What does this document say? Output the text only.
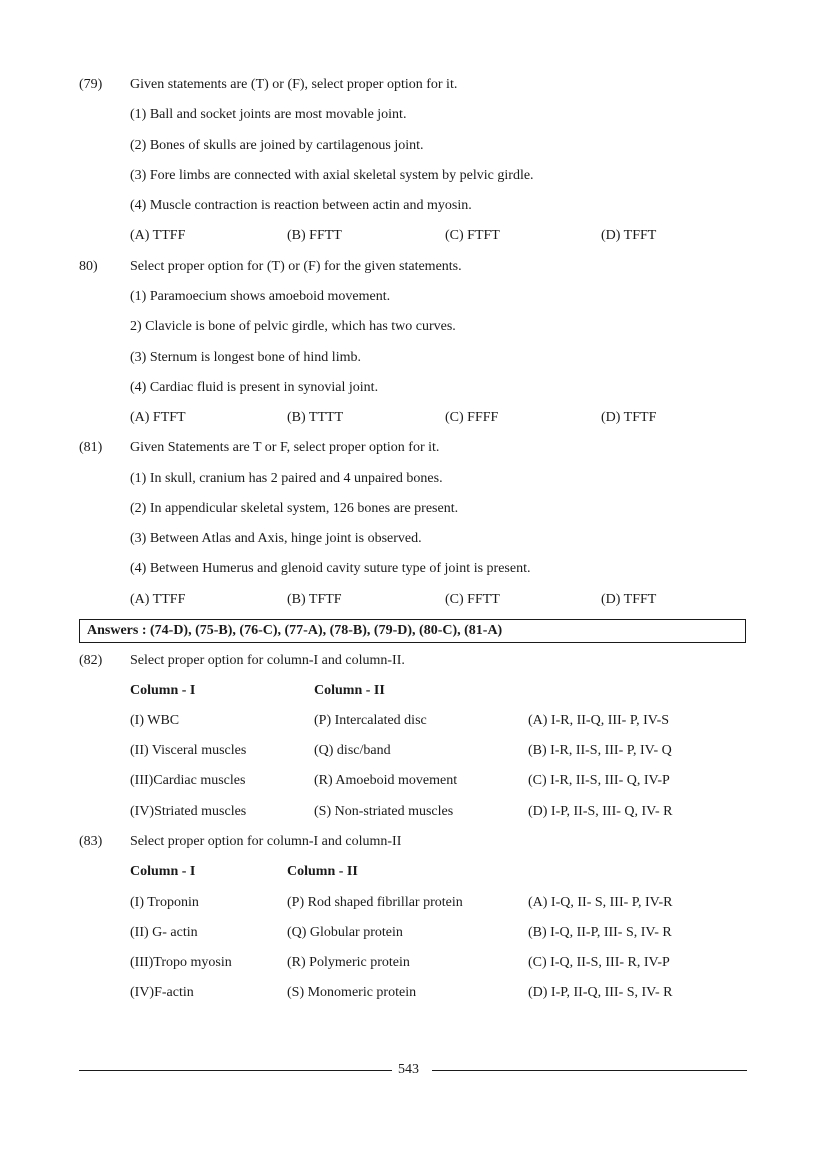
(79) Given statements are (T) or (F), select proper option for it.
(1) Ball and socket joints are most movable joint.
(2) Bones of skulls are joined by cartilagenous joint.
(3) Fore limbs are connected with axial skeletal system by pelvic girdle.
(4) Muscle contraction is reaction between actin and myosin.
(A) TTFF	(B) FFTT	(C) FTFT	(D) TFFT
80) Select proper option for (T) or (F) for the given statements.
(1) Paramoecium shows amoeboid movement.
2) Clavicle is bone of pelvic girdle, which has two curves.
(3) Sternum is longest bone of hind limb.
(4) Cardiac fluid is present in synovial joint.
(A) FTFT	(B) TTTT	(C) FFFF	(D) TFTF
(81) Given Statements are T or F, select proper option for it.
(1) In skull, cranium has 2 paired and 4 unpaired bones.
(2) In appendicular skeletal system, 126 bones are present.
(3) Between Atlas and Axis, hinge joint is observed.
(4) Between Humerus and glenoid cavity suture type of joint is present.
(A) TTFF	(B) TFTF	(C) FFTT	(D) TFFT
Answers : (74-D), (75-B), (76-C), (77-A), (78-B), (79-D), (80-C), (81-A)
(82) Select proper option for column-I and column-II.
Column - I	Column - II
(I) WBC	(P) Intercalated disc	(A) I-R, II-Q, III- P, IV-S
(II) Visceral muscles	(Q) disc/band	(B) I-R, II-S, III- P, IV- Q
(III)Cardiac muscles	(R) Amoeboid movement	(C) I-R, II-S, III- Q, IV-P
(IV)Striated muscles	(S) Non-striated muscles	(D) I-P, II-S, III- Q, IV- R
(83) Select proper option for column-I and column-II
Column - I	Column - II
(I) Troponin	(P) Rod shaped fibrillar protein	(A) I-Q, II- S, III- P, IV-R
(II) G- actin	(Q) Globular protein	(B) I-Q, II-P, III- S, IV- R
(III)Tropo myosin	(R) Polymeric protein	(C) I-Q, II-S, III- R, IV-P
(IV)F-actin	(S) Monomeric protein	(D) I-P, II-Q, III- S, IV- R
543
